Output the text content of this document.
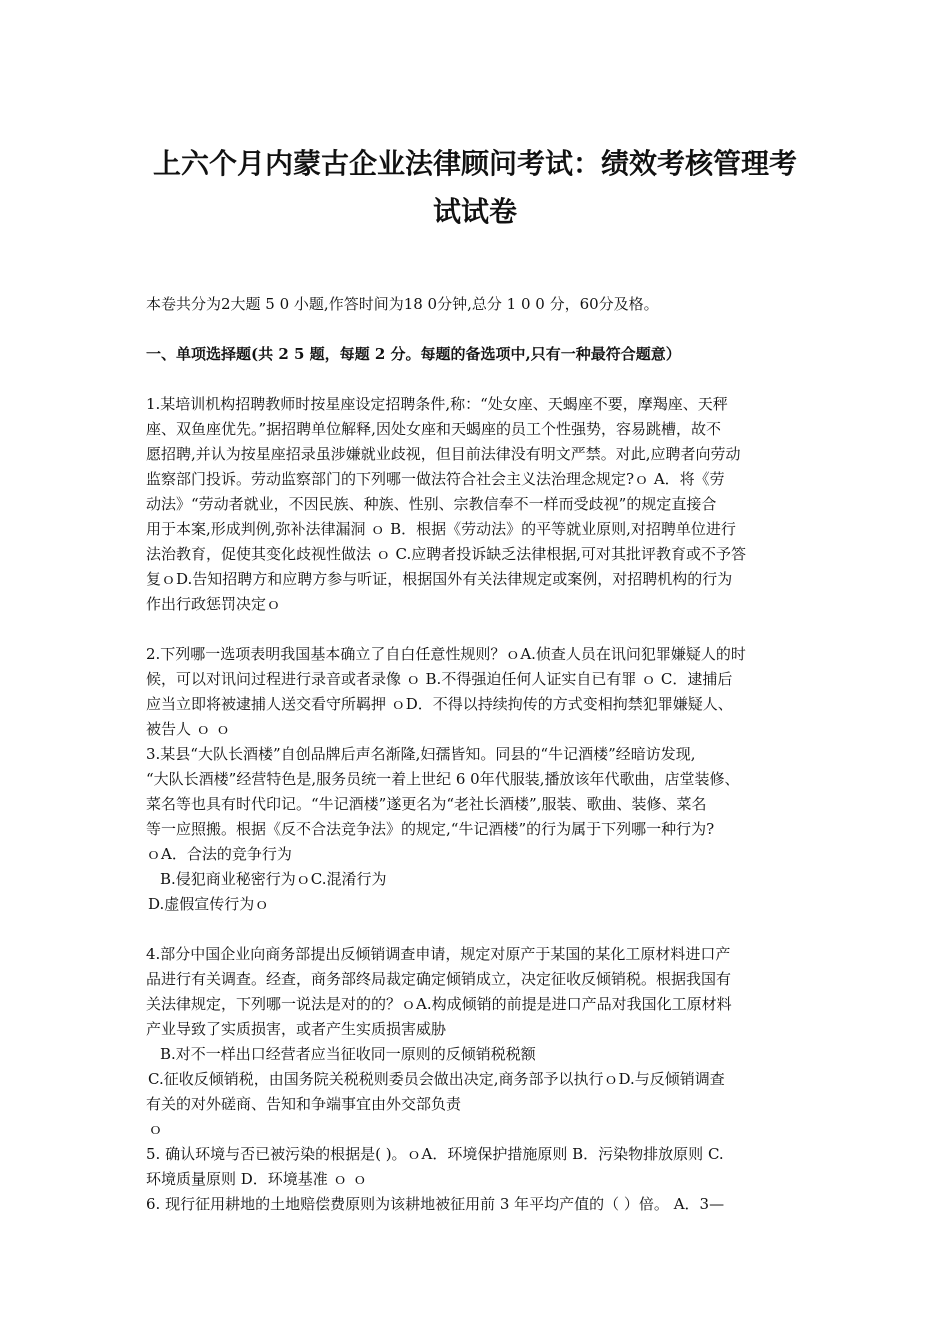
上六个月内蒙古企业法律顾问考试：绩效考核管理考
试试卷

本卷共分为2大题 5 0 小题,作答时间为18 0分钟,总分 1 0 0 分，60分及格。

一、单项选择题(共 2 5 题，每题 2 分。每题的备选项中,只有一种最符合题意）

1.某培训机构招聘教师时按星座设定招聘条件,称：“处女座、天蝎座不要，摩羯座、天秤

座、双鱼座优先。”据招聘单位解释,因处女座和天蝎座的员工个性强势，容易跳槽，故不

愿招聘,并认为按星座招录虽涉嫌就业歧视，但目前法律没有明文严禁。对此,应聘者向劳动

监察部门投诉。劳动监察部门的下列哪一做法符合社会主义法治理念规定?ｏ A．将《劳

动法》“劳动者就业，不因民族、种族、性别、宗教信奉不一样而受歧视”的规定直接合

用于本案,形成判例,弥补法律漏洞 ｏ B．根据《劳动法》的平等就业原则,对招聘单位进行

法治教育，促使其变化歧视性做法 ｏ C.应聘者投诉缺乏法律根据,可对其批评教育或不予答

复ｏD.告知招聘方和应聘方参与听证，根据国外有关法律规定或案例，对招聘机构的行为

作出行政惩罚决定ｏ

2.下列哪一选项表明我国基本确立了自白任意性规则？ｏA.侦查人员在讯问犯罪嫌疑人的时

候，可以对讯问过程进行录音或者录像 ｏ B.不得强迫任何人证实自已有罪 ｏ C．逮捕后

应当立即将被逮捕人送交看守所羁押 ｏD．不得以持续拘传的方式变相拘禁犯罪嫌疑人、

被告人 ｏ ｏ

3.某县“大队长酒楼”自创品牌后声名渐隆,妇孺皆知。同县的“牛记酒楼”经暗访发现,

“大队长酒楼”经营特色是,服务员统一着上世纪 6 0年代服装,播放该年代歌曲，店堂装修、

菜名等也具有时代印记。“牛记酒楼”遂更名为“老社长酒楼”,服装、歌曲、装修、菜名

等一应照搬。根据《反不合法竞争法》的规定,“牛记酒楼”的行为属于下列哪一种行为?

ｏA．合法的竞争行为

B.侵犯商业秘密行为ｏC.混淆行为

D.虚假宣传行为ｏ

4.部分中国企业向商务部提出反倾销调查申请，规定对原产于某国的某化工原材料进口产

品进行有关调查。经查，商务部终局裁定确定倾销成立，决定征收反倾销税。根据我国有

关法律规定，下列哪一说法是对的的？ｏA.构成倾销的前提是进口产品对我国化工原材料

产业导致了实质损害，或者产生实质损害威胁

B.对不一样出口经营者应当征收同一原则的反倾销税税额

C.征收反倾销税，由国务院关税税则委员会做出决定,商务部予以执行ｏD.与反倾销调查

有关的对外磋商、告知和争端事宜由外交部负责

ｏ

5. 确认环境与否已被污染的根据是( )。ｏA．环境保护措施原则 B．污染物排放原则 C.

环境质量原则 D．环境基准 ｏ ｏ

6. 现行征用耕地的土地赔偿费原则为该耕地被征用前 3 年平均产值的（ ）倍。 A．3—
